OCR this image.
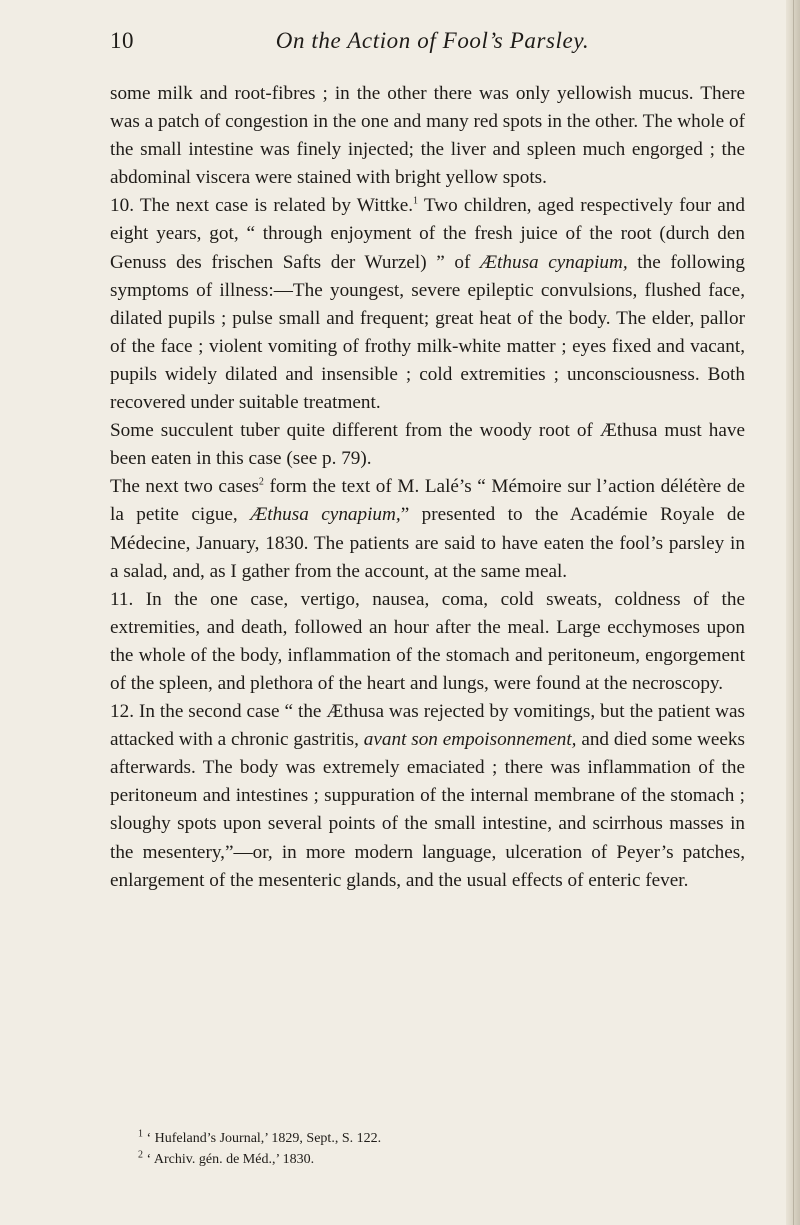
10	On the Action of Fool’s Parsley.

some milk and root-fibres ; in the other there was only yellowish mucus. There was a patch of congestion in the one and many red spots in the other. The whole of the small intestine was finely injected; the liver and spleen much engorged ; the abdominal viscera were stained with bright yellow spots.

10. The next case is related by Wittke.$^1$ Two children, aged respectively four and eight years, got, “ through enjoyment of the fresh juice of the root (durch den Genuss des frischen Safts der Wurzel) ” of Æthusa cynapium, the following symptoms of illness:—The youngest, severe epileptic convulsions, flushed face, dilated pupils ; pulse small and frequent; great heat of the body. The elder, pallor of the face ; violent vomiting of frothy milk-white matter ; eyes fixed and vacant, pupils widely dilated and insensible ; cold extremities ; unconsciousness. Both recovered under suitable treatment.

Some succulent tuber quite different from the woody root of Æthusa must have been eaten in this case (see p. 79).

The next two cases$^2$ form the text of M. Lalé’s “ Mémoire sur l’action délétère de la petite cigue, Æthusa cynapium,” presented to the Académie Royale de Médecine, January, 1830. The patients are said to have eaten the fool’s parsley in a salad, and, as I gather from the account, at the same meal.

11. In the one case, vertigo, nausea, coma, cold sweats, coldness of the extremities, and death, followed an hour after the meal. Large ecchymoses upon the whole of the body, inflammation of the stomach and peritoneum, engorgement of the spleen, and plethora of the heart and lungs, were found at the necroscopy.

12. In the second case “ the Æthusa was rejected by vomitings, but the patient was attacked with a chronic gastritis, avant son empoisonnement, and died some weeks afterwards. The body was extremely emaciated ; there was inflammation of the peritoneum and intestines ; suppuration of the internal membrane of the stomach ; sloughy spots upon several points of the small intestine, and scirrhous masses in the mesentery,”—or, in more modern language, ulceration of Peyer’s patches, enlargement of the mesenteric glands, and the usual effects of enteric fever.

$^1$ ‘ Hufeland’s Journal,’ 1829, Sept., S. 122.

$^2$ ‘ Archiv. gén. de Méd.,’ 1830.
